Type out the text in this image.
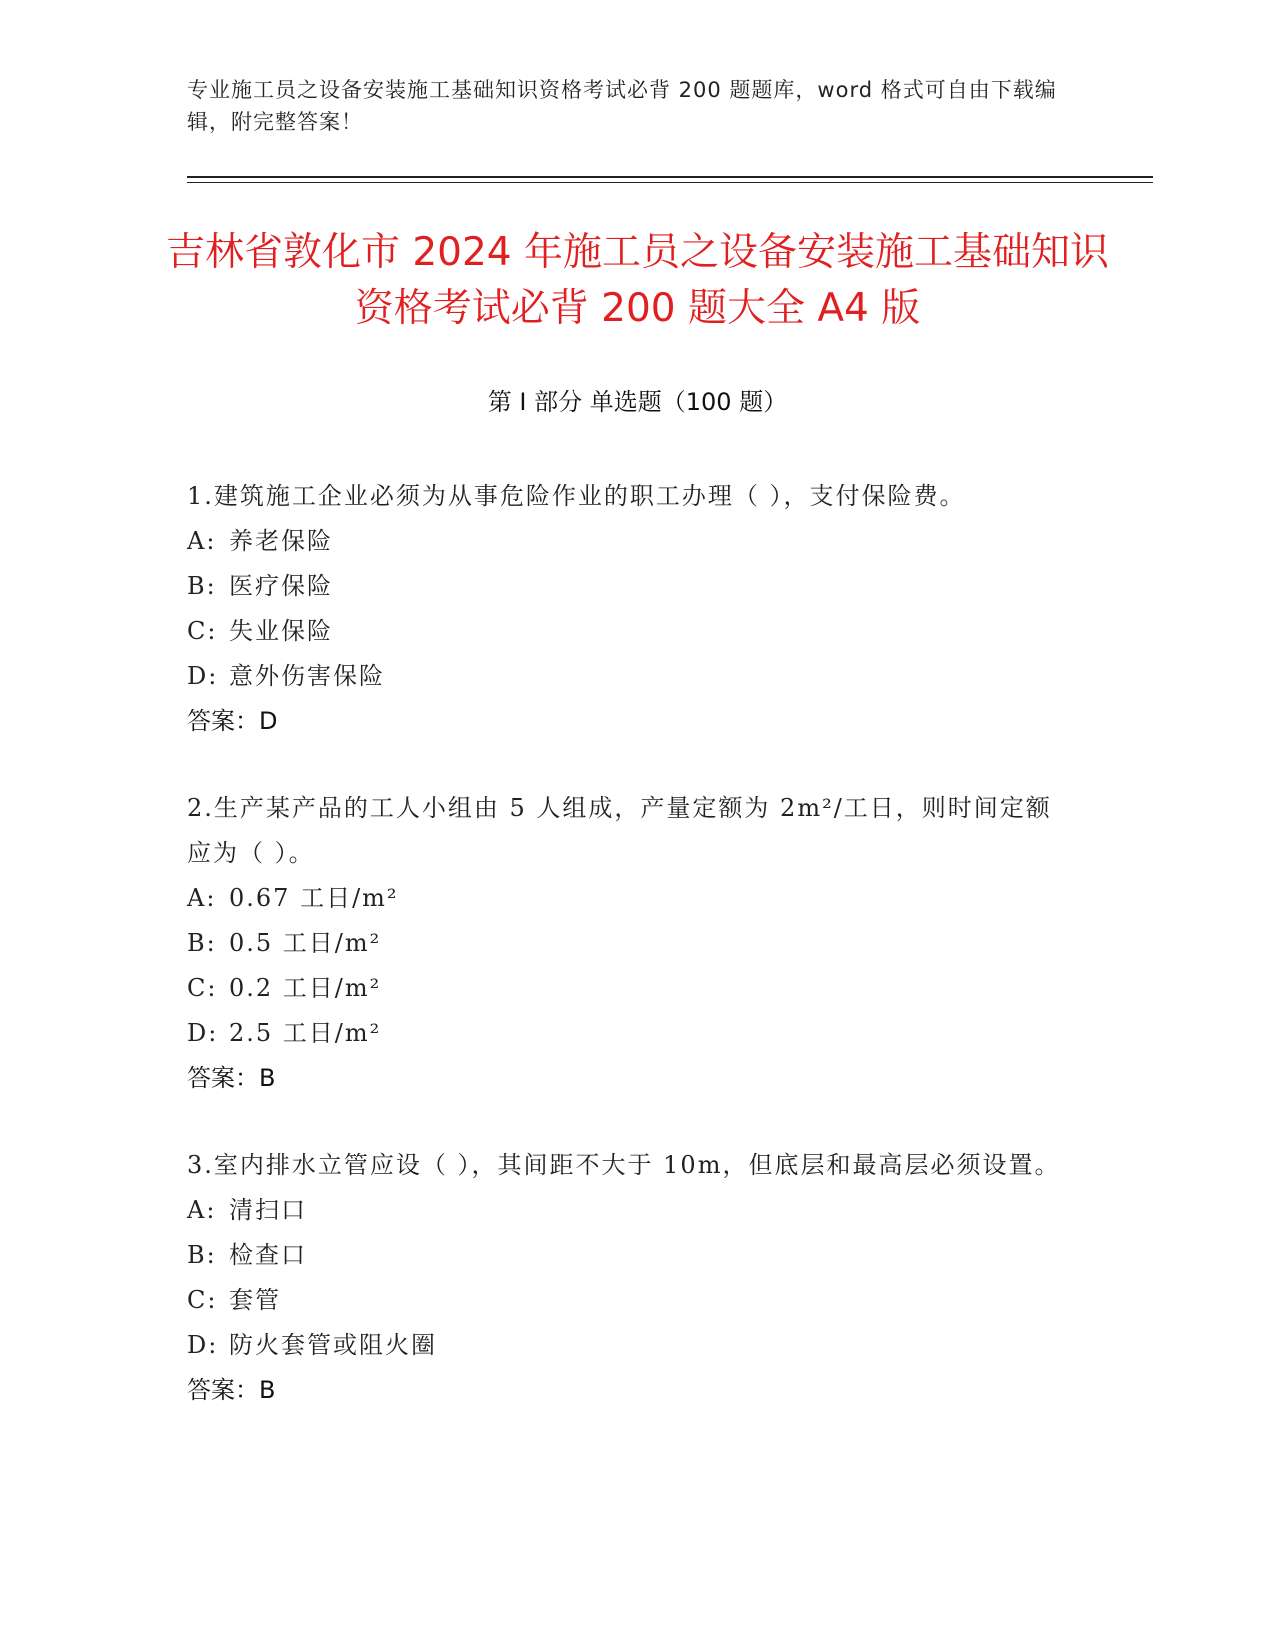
专业施工员之设备安装施工基础知识资格考试必背 200 题题库，word 格式可自由下载编辑，附完整答案！
吉林省敦化市 2024 年施工员之设备安装施工基础知识资格考试必背 200 题大全 A4 版
第 I 部分 单选题（100 题）
1.建筑施工企业必须为从事危险作业的职工办理（ ），支付保险费。
A: 养老保险
B: 医疗保险
C: 失业保险
D: 意外伤害保险
答案：D
2.生产某产品的工人小组由 5 人组成，产量定额为 2m²/工日，则时间定额应为（ ）。
A: 0.67 工日/m²
B: 0.5 工日/m²
C: 0.2 工日/m²
D: 2.5 工日/m²
答案：B
3.室内排水立管应设（ ），其间距不大于 10m，但底层和最高层必须设置。
A: 清扫口
B: 检查口
C: 套管
D: 防火套管或阻火圈
答案：B
